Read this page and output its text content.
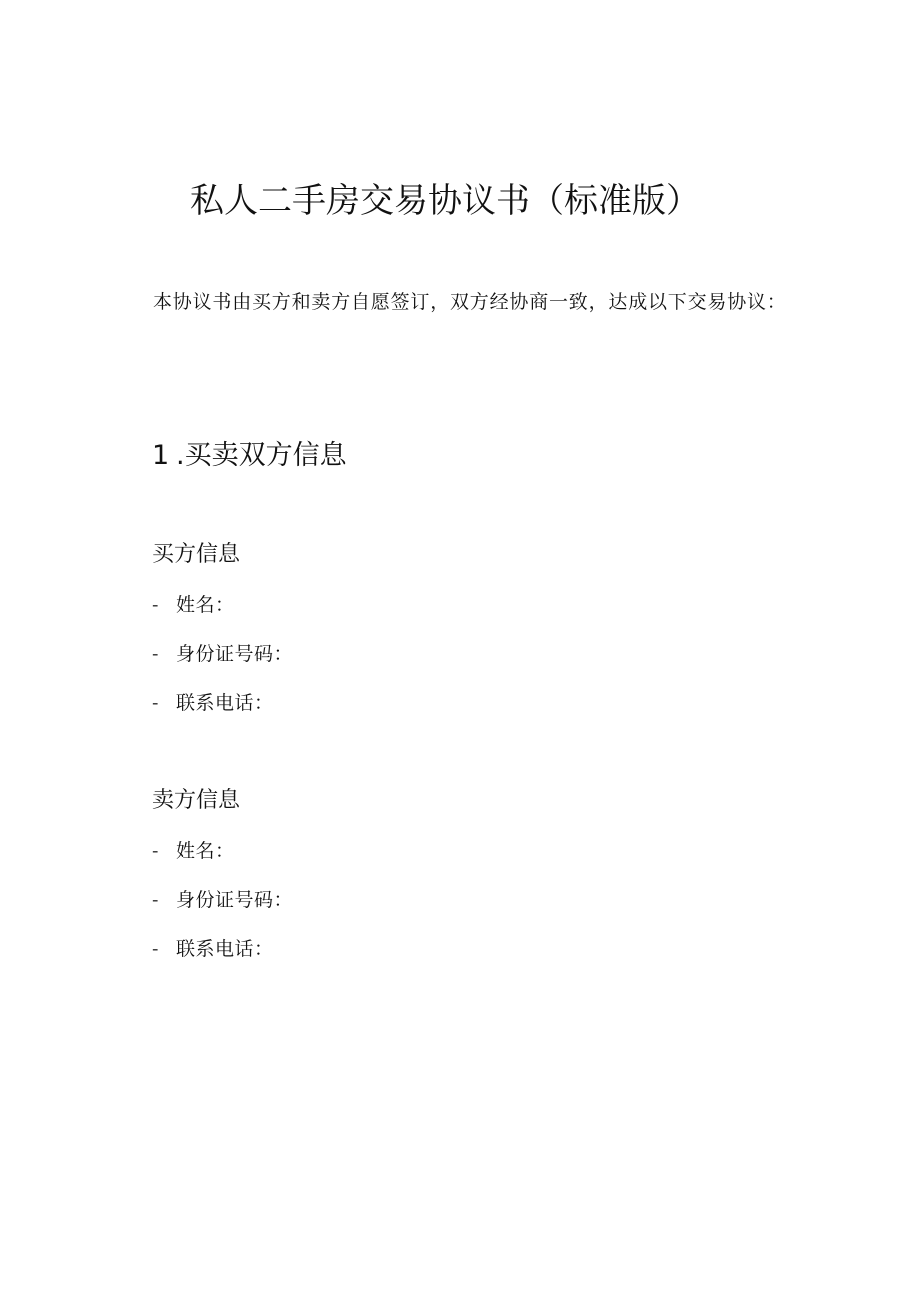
私人二手房交易协议书（标准版）

本协议书由买方和卖方自愿签订，双方经协商一致，达成以下交易协议：

1 .买卖双方信息
买方信息
- 姓名：
- 身份证号码：
- 联系电话：
卖方信息
- 姓名：
- 身份证号码：
- 联系电话：
